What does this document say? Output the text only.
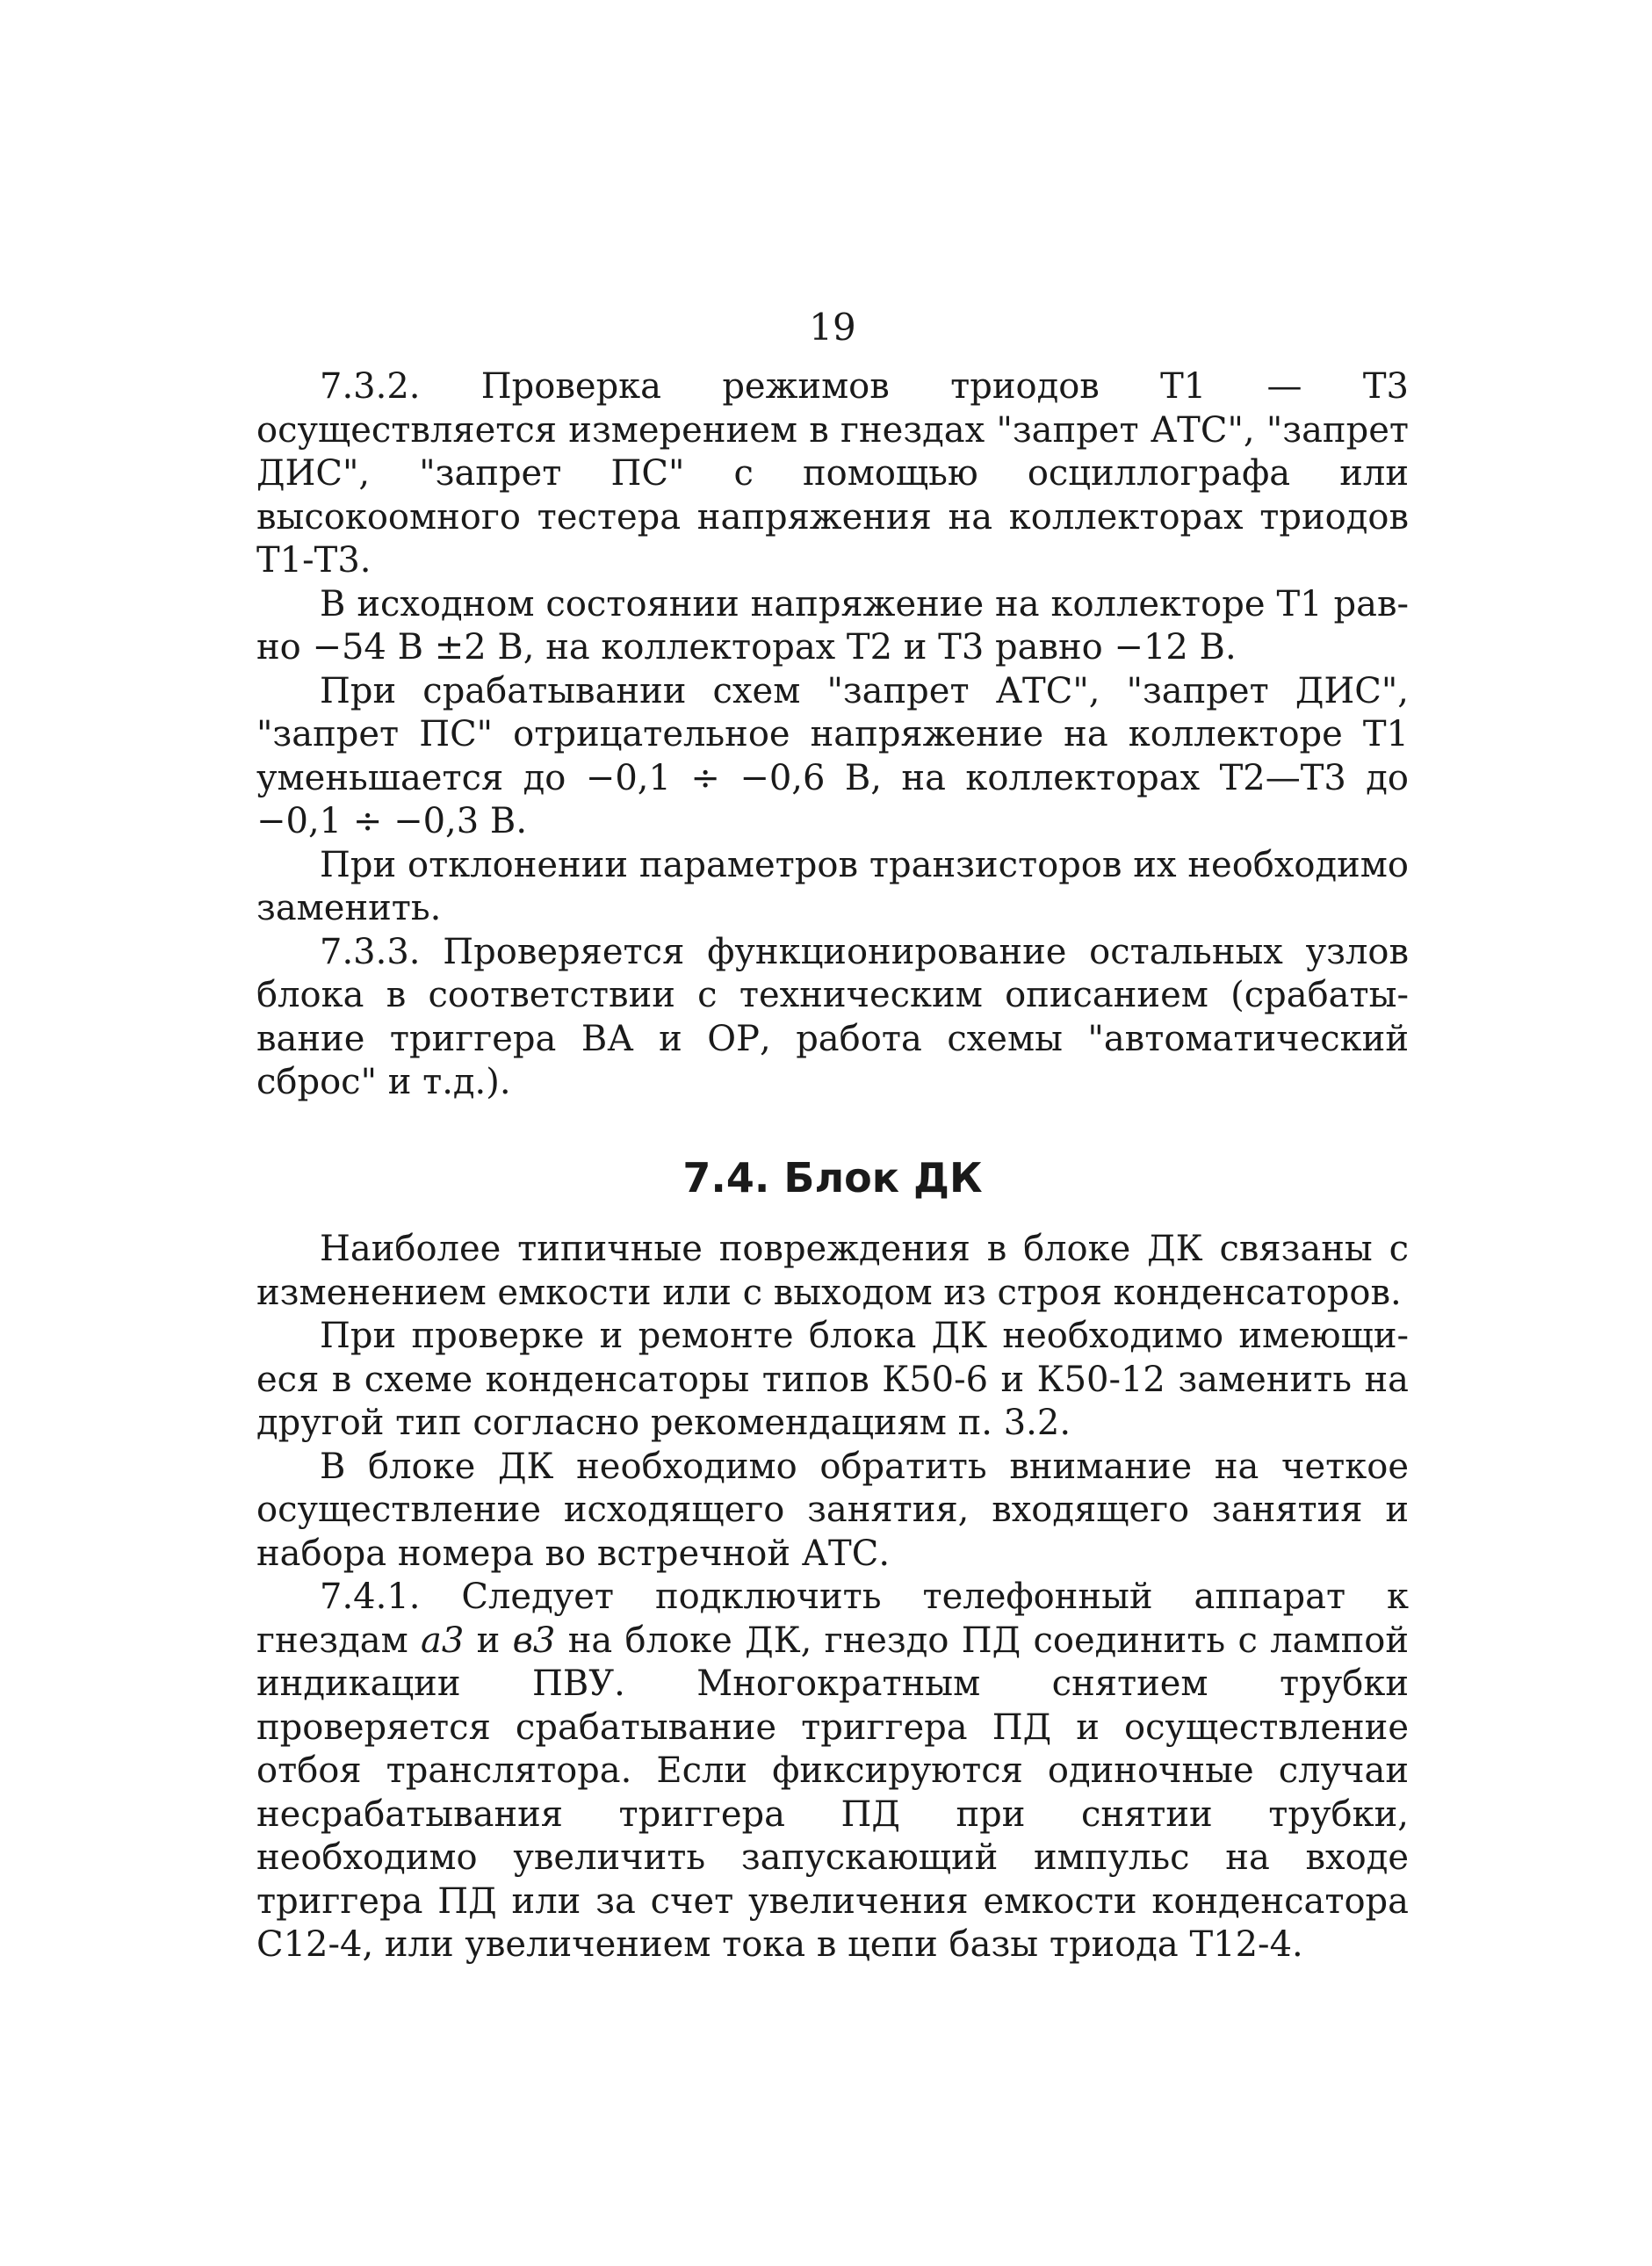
19

7.3.2. Проверка режимов триодов Т1 — Т3 осуществляется измерением в гнездах "запрет АТС", "запрет ДИС", "запрет ПС" с помощью осциллографа или высокоомного тестера напряжения на коллекторах триодов Т1-Т3.

В исходном состоянии напряжение на коллекторе Т1 равно −54 В ±2 В, на коллекторах Т2 и Т3 равно −12 В.

При срабатывании схем "запрет АТС", "запрет ДИС", "запрет ПС" отрицательное напряжение на коллекторе Т1 уменьшается до −0,1 ÷ −0,6 В, на коллекторах Т2—Т3 до −0,1 ÷ −0,3 В.

При отклонении параметров транзисторов их необходимо заменить.

7.3.3. Проверяется функционирование остальных узлов блока в соответствии с техническим описанием (срабатывание триггера ВА и ОР, работа схемы "автоматический сброс" и т.д.).

7.4. Блок ДК

Наиболее типичные повреждения в блоке ДК связаны с изменением емкости или с выходом из строя конденсаторов.

При проверке и ремонте блока ДК необходимо имеющиеся в схеме конденсаторы типов К50-6 и К50-12 заменить на другой тип согласно рекомендациям п. 3.2.

В блоке ДК необходимо обратить внимание на четкое осуществление исходящего занятия, входящего занятия и набора номера во встречной АТС.

7.4.1. Следует подключить телефонный аппарат к гнездам а3 и в3 на блоке ДК, гнездо ПД соединить с лампой индикации ПВУ. Многократным снятием трубки проверяется срабатывание триггера ПД и осуществление отбоя транслятора. Если фиксируются одиночные случаи несрабатывания триггера ПД при снятии трубки, необходимо увеличить запускающий импульс на входе триггера ПД или за счет увеличения емкости конденсатора С12-4, или увеличением тока в цепи базы триода Т12-4.
